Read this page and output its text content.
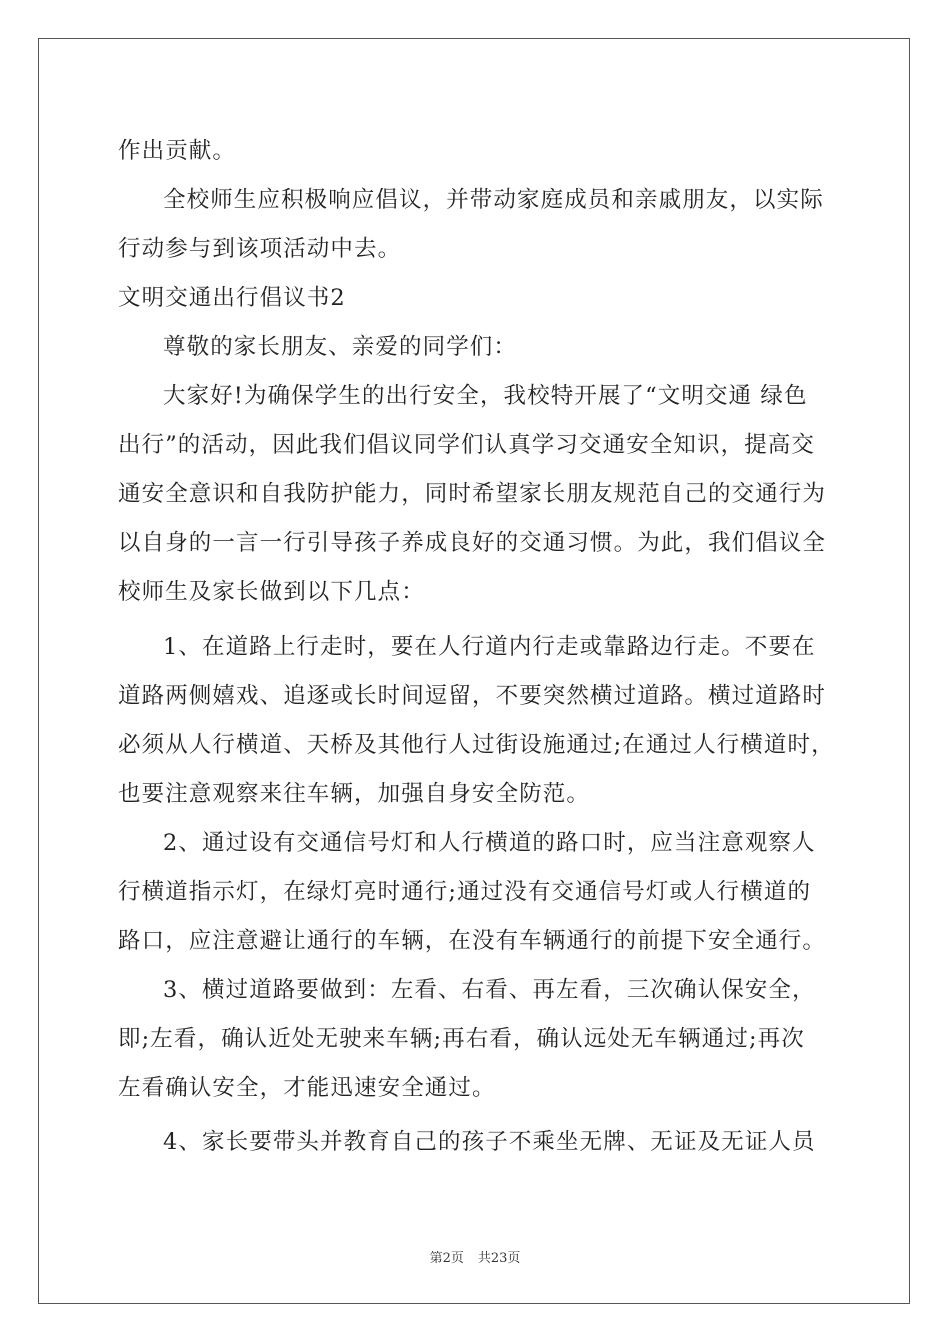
作出贡献。
全校师生应积极响应倡议，并带动家庭成员和亲戚朋友，以实际
行动参与到该项活动中去。
文明交通出行倡议书2
尊敬的家长朋友、亲爱的同学们：
大家好!为确保学生的出行安全，我校特开展了“文明交通 绿色
出行”的活动，因此我们倡议同学们认真学习交通安全知识，提高交
通安全意识和自我防护能力，同时希望家长朋友规范自己的交通行为
以自身的一言一行引导孩子养成良好的交通习惯。为此，我们倡议全
校师生及家长做到以下几点：
1、在道路上行走时，要在人行道内行走或靠路边行走。不要在
道路两侧嬉戏、追逐或长时间逗留，不要突然横过道路。横过道路时
必须从人行横道、天桥及其他行人过街设施通过;在通过人行横道时，
也要注意观察来往车辆，加强自身安全防范。
2、通过设有交通信号灯和人行横道的路口时，应当注意观察人
行横道指示灯，在绿灯亮时通行;通过没有交通信号灯或人行横道的
路口，应注意避让通行的车辆，在没有车辆通行的前提下安全通行。
3、横过道路要做到：左看、右看、再左看，三次确认保安全，
即;左看，确认近处无驶来车辆;再右看，确认远处无车辆通过;再次
左看确认安全，才能迅速安全通过。
4、家长要带头并教育自己的孩子不乘坐无牌、无证及无证人员
第2页 共23页
